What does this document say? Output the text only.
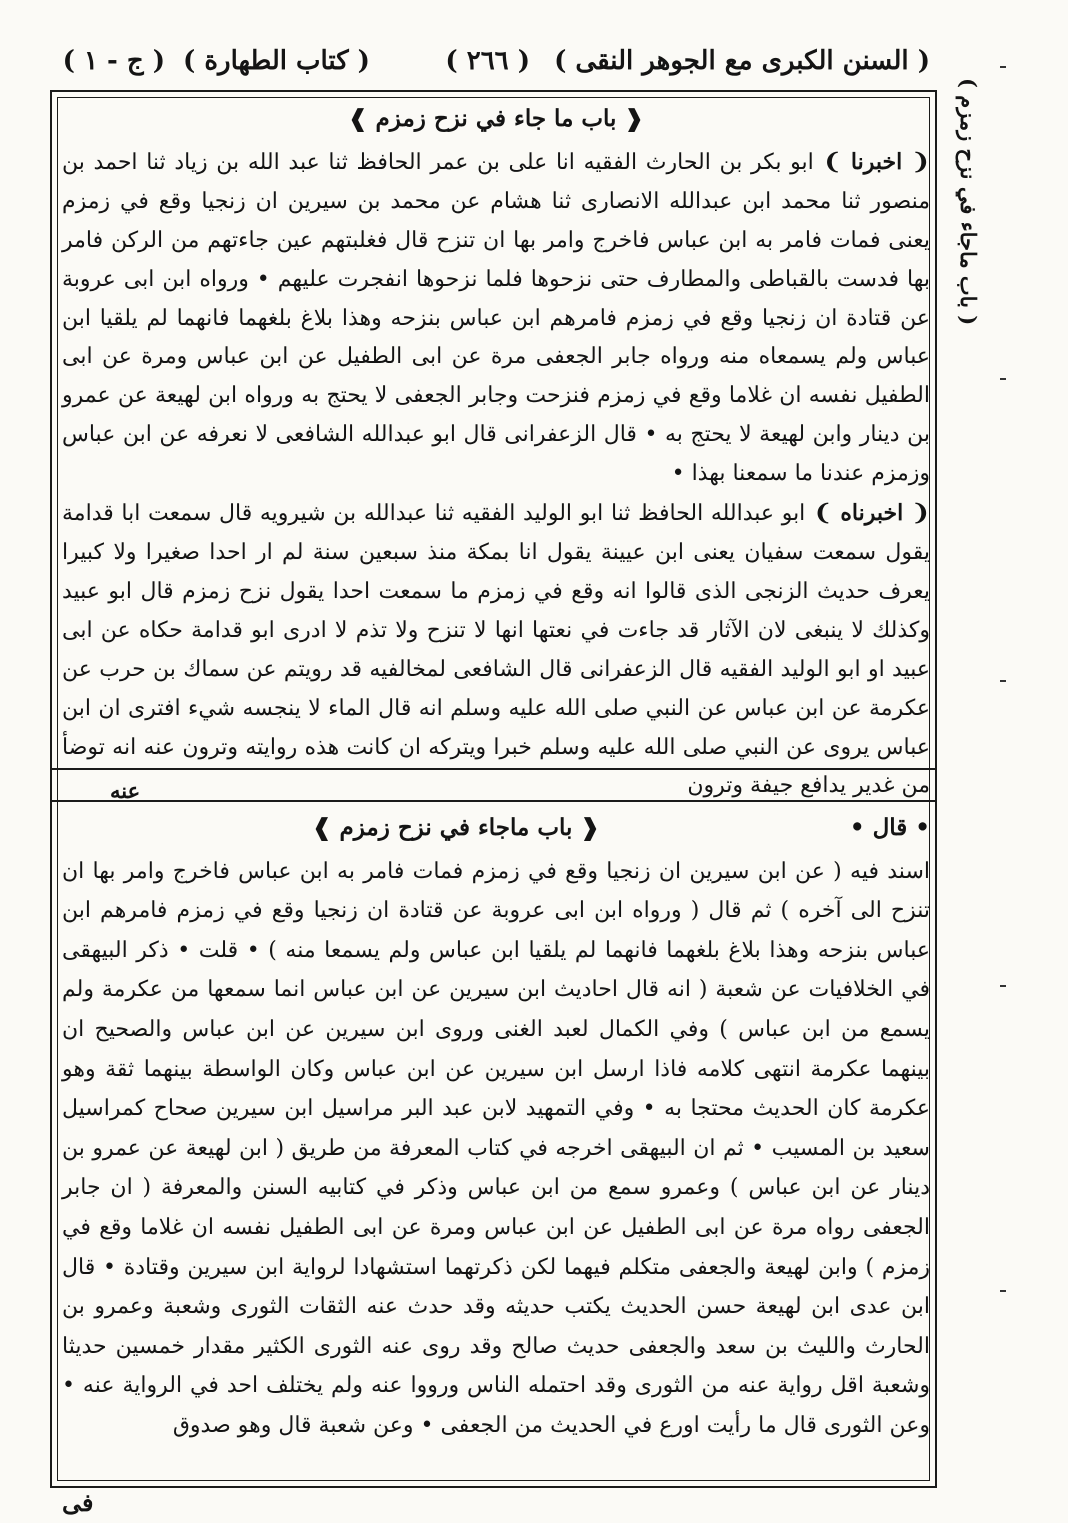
( السنن الكبرى مع الجوهر النقى )
( ٢٦٦ )
( كتاب الطهارة )
( ج - ١ )
( باب ماجاء في نزح زمزم )
❰ باب ما جاء في نزح زمزم ❱

❨ اخبرنا ❩ ابو بكر بن الحارث الفقيه انا على بن عمر الحافظ ثنا عبد الله بن زياد ثنا احمد بن منصور ثنا محمد ابن عبدالله الانصارى ثنا هشام عن محمد بن سيرين ان زنجيا وقع في زمزم يعنى فمات فامر به ابن عباس فاخرج وامر بها ان تنزح قال فغلبتهم عين جاءتهم من الركن فامر بها فدست بالقباطى والمطارف حتى نزحوها فلما نزحوها انفجرت عليهم • ورواه ابن ابى عروبة عن قتادة ان زنجيا وقع في زمزم فامرهم ابن عباس بنزحه وهذا بلاغ بلغهما فانهما لم يلقيا ابن عباس ولم يسمعاه منه ورواه جابر الجعفى مرة عن ابى الطفيل عن ابن عباس ومرة عن ابى الطفيل نفسه ان غلاما وقع في زمزم فنزحت وجابر الجعفى لا يحتج به ورواه ابن لهيعة عن عمرو بن دينار وابن لهيعة لا يحتج به • قال الزعفرانى قال ابو عبدالله الشافعى لا نعرفه عن ابن عباس وزمزم عندنا ما سمعنا بهذا •

❨ اخبرناه ❩ ابو عبدالله الحافظ ثنا ابو الوليد الفقيه ثنا عبدالله بن شيرويه قال سمعت ابا قدامة يقول سمعت سفيان يعنى ابن عيينة يقول انا بمكة منذ سبعين سنة لم ار احدا صغيرا ولا كبيرا يعرف حديث الزنجى الذى قالوا انه وقع في زمزم ما سمعت احدا يقول نزح زمزم قال ابو عبيد وكذلك لا ينبغى لان الآثار قد جاءت في نعتها انها لا تنزح ولا تذم لا ادرى ابو قدامة حكاه عن ابى عبيد او ابو الوليد الفقيه قال الزعفرانى قال الشافعى لمخالفيه قد رويتم عن سماك بن حرب عن عكرمة عن ابن عباس عن النبي صلى الله عليه وسلم انه قال الماء لا ينجسه شيء افترى ان ابن عباس يروى عن النبي صلى الله عليه وسلم خبرا ويتركه ان كانت هذه روايته وترون عنه انه توضأ من غدير يدافع جيفة وترون

عنه
• قال •
❰ باب ماجاء في نزح زمزم ❱

اسند فيه ( عن ابن سيرين ان زنجيا وقع في زمزم فمات فامر به ابن عباس فاخرج وامر بها ان تنزح الى آخره ) ثم قال ( ورواه ابن ابى عروبة عن قتادة ان زنجيا وقع في زمزم فامرهم ابن عباس بنزحه وهذا بلاغ بلغهما فانهما لم يلقيا ابن عباس ولم يسمعا منه ) • قلت • ذكر البيهقى في الخلافيات عن شعبة ( انه قال احاديث ابن سيرين عن ابن عباس انما سمعها من عكرمة ولم يسمع من ابن عباس ) وفي الكمال لعبد الغنى وروى ابن سيرين عن ابن عباس والصحيح ان بينهما عكرمة انتهى كلامه فاذا ارسل ابن سيرين عن ابن عباس وكان الواسطة بينهما ثقة وهو عكرمة كان الحديث محتجا به • وفي التمهيد لابن عبد البر مراسيل ابن سيرين صحاح كمراسيل سعيد بن المسيب • ثم ان البيهقى اخرجه في كتاب المعرفة من طريق ( ابن لهيعة عن عمرو بن دينار عن ابن عباس ) وعمرو سمع من ابن عباس وذكر في كتابيه السنن والمعرفة ( ان جابر الجعفى رواه مرة عن ابى الطفيل عن ابن عباس ومرة عن ابى الطفيل نفسه ان غلاما وقع في زمزم ) وابن لهيعة والجعفى متكلم فيهما لكن ذكرتهما استشهادا لرواية ابن سيرين وقتادة • قال ابن عدى ابن لهيعة حسن الحديث يكتب حديثه وقد حدث عنه الثقات الثورى وشعبة وعمرو بن الحارث والليث بن سعد والجعفى حديث صالح وقد روى عنه الثورى الكثير مقدار خمسين حديثا وشعبة اقل رواية عنه من الثورى وقد احتمله الناس ورووا عنه ولم يختلف احد في الرواية عنه • وعن الثورى قال ما رأيت اورع في الحديث من الجعفى • وعن شعبة قال وهو صدوق

فى
